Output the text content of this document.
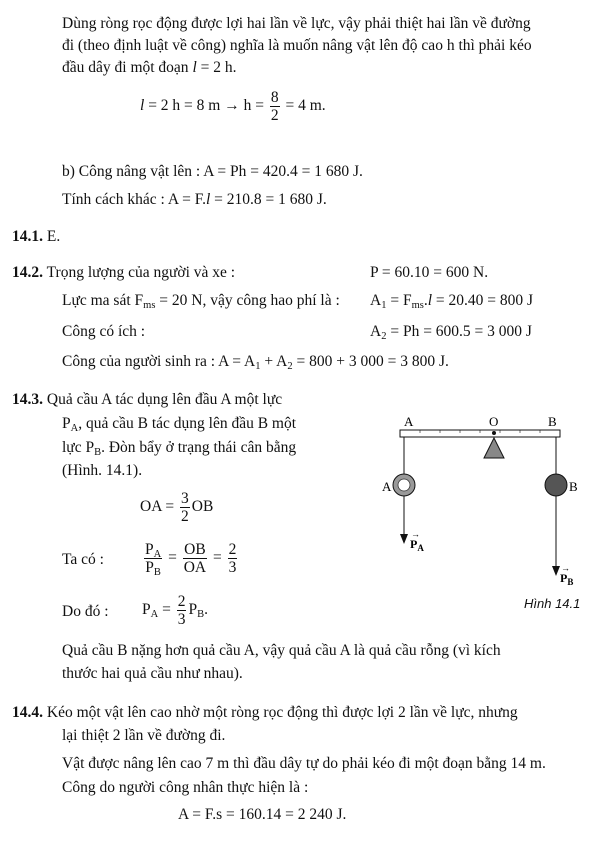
Dùng ròng rọc động được lợi hai lần về lực, vậy phải thiệt hai lần về đường
đi (theo định luật về công) nghĩa là muốn nâng vật lên độ cao h thì phải kéo
đầu dây đi một đoạn l = 2 h.
l = 2 h = 8 $m \to h = \frac{8}{2} = 4$ m.
b) Công nâng vật lên : A = Ph = 420.4 = 1 680 J.
Tính cách khác : A = F.l = 210.8 = 1 680 J.
14.1. E.
14.2. Trọng lượng của người và xe :	P = 60.10 = 600 N.
Lực ma sát $F_{ms} = 20$ N, vậy công hao phí là : $A_1 = F_{ms}.l = 20.40 = 800$ J
Công có ích :	$A_2 = Ph = 600.5 = 3$ 000 J
Công của người sinh ra : $A = A_1 + A_2 = 800 + 3$ 000 = 3 800 J.
14.3. Quả cầu A tác dụng lên đầu A một lực
$P_A$, quả cầu B tác dụng lên đầu B một
lực $P_B$. Đòn bẩy ở trạng thái cân bằng
(Hình. 14.1).
OA = $\frac{3}{2}$ OB
Ta có :	$\frac{P_A}{P_B} = \frac{OB}{OA} = \frac{2}{3}$
Do đó : $P_A = \frac{2}{3} P_B$.
A	O	B
A	B
$P_A$
→
$P_B$
→
Hình 14.1
Quả cầu B nặng hơn quả cầu A, vậy quả cầu A là quả cầu rỗng (vì kích
thước hai quả cầu như nhau).
14.4. Kéo một vật lên cao nhờ một ròng rọc động thì được lợi 2 lần về lực, nhưng
lại thiệt 2 lần về đường đi.
Vật được nâng lên cao 7 m thì đầu dây tự do phải kéo đi một đoạn bằng 14 m.
Công do người công nhân thực hiện là :
A = F.s = 160.14 = 2 240 J.
